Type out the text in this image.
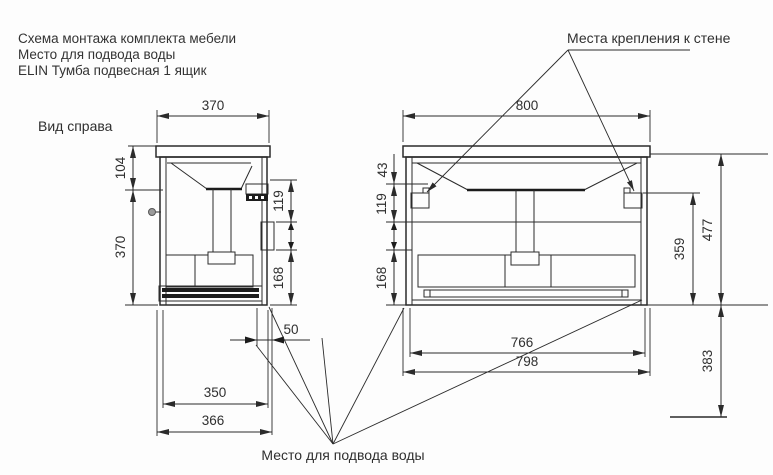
Схема монтажа комплекта мебели
Место для подвода воды
ELIN Тумба подвесная 1 ящик
Вид справа
370
104
370
119
168
50
350
366
800
43
119
168
359
477
383
766
798
Места крепления к стене
Место для подвода воды
